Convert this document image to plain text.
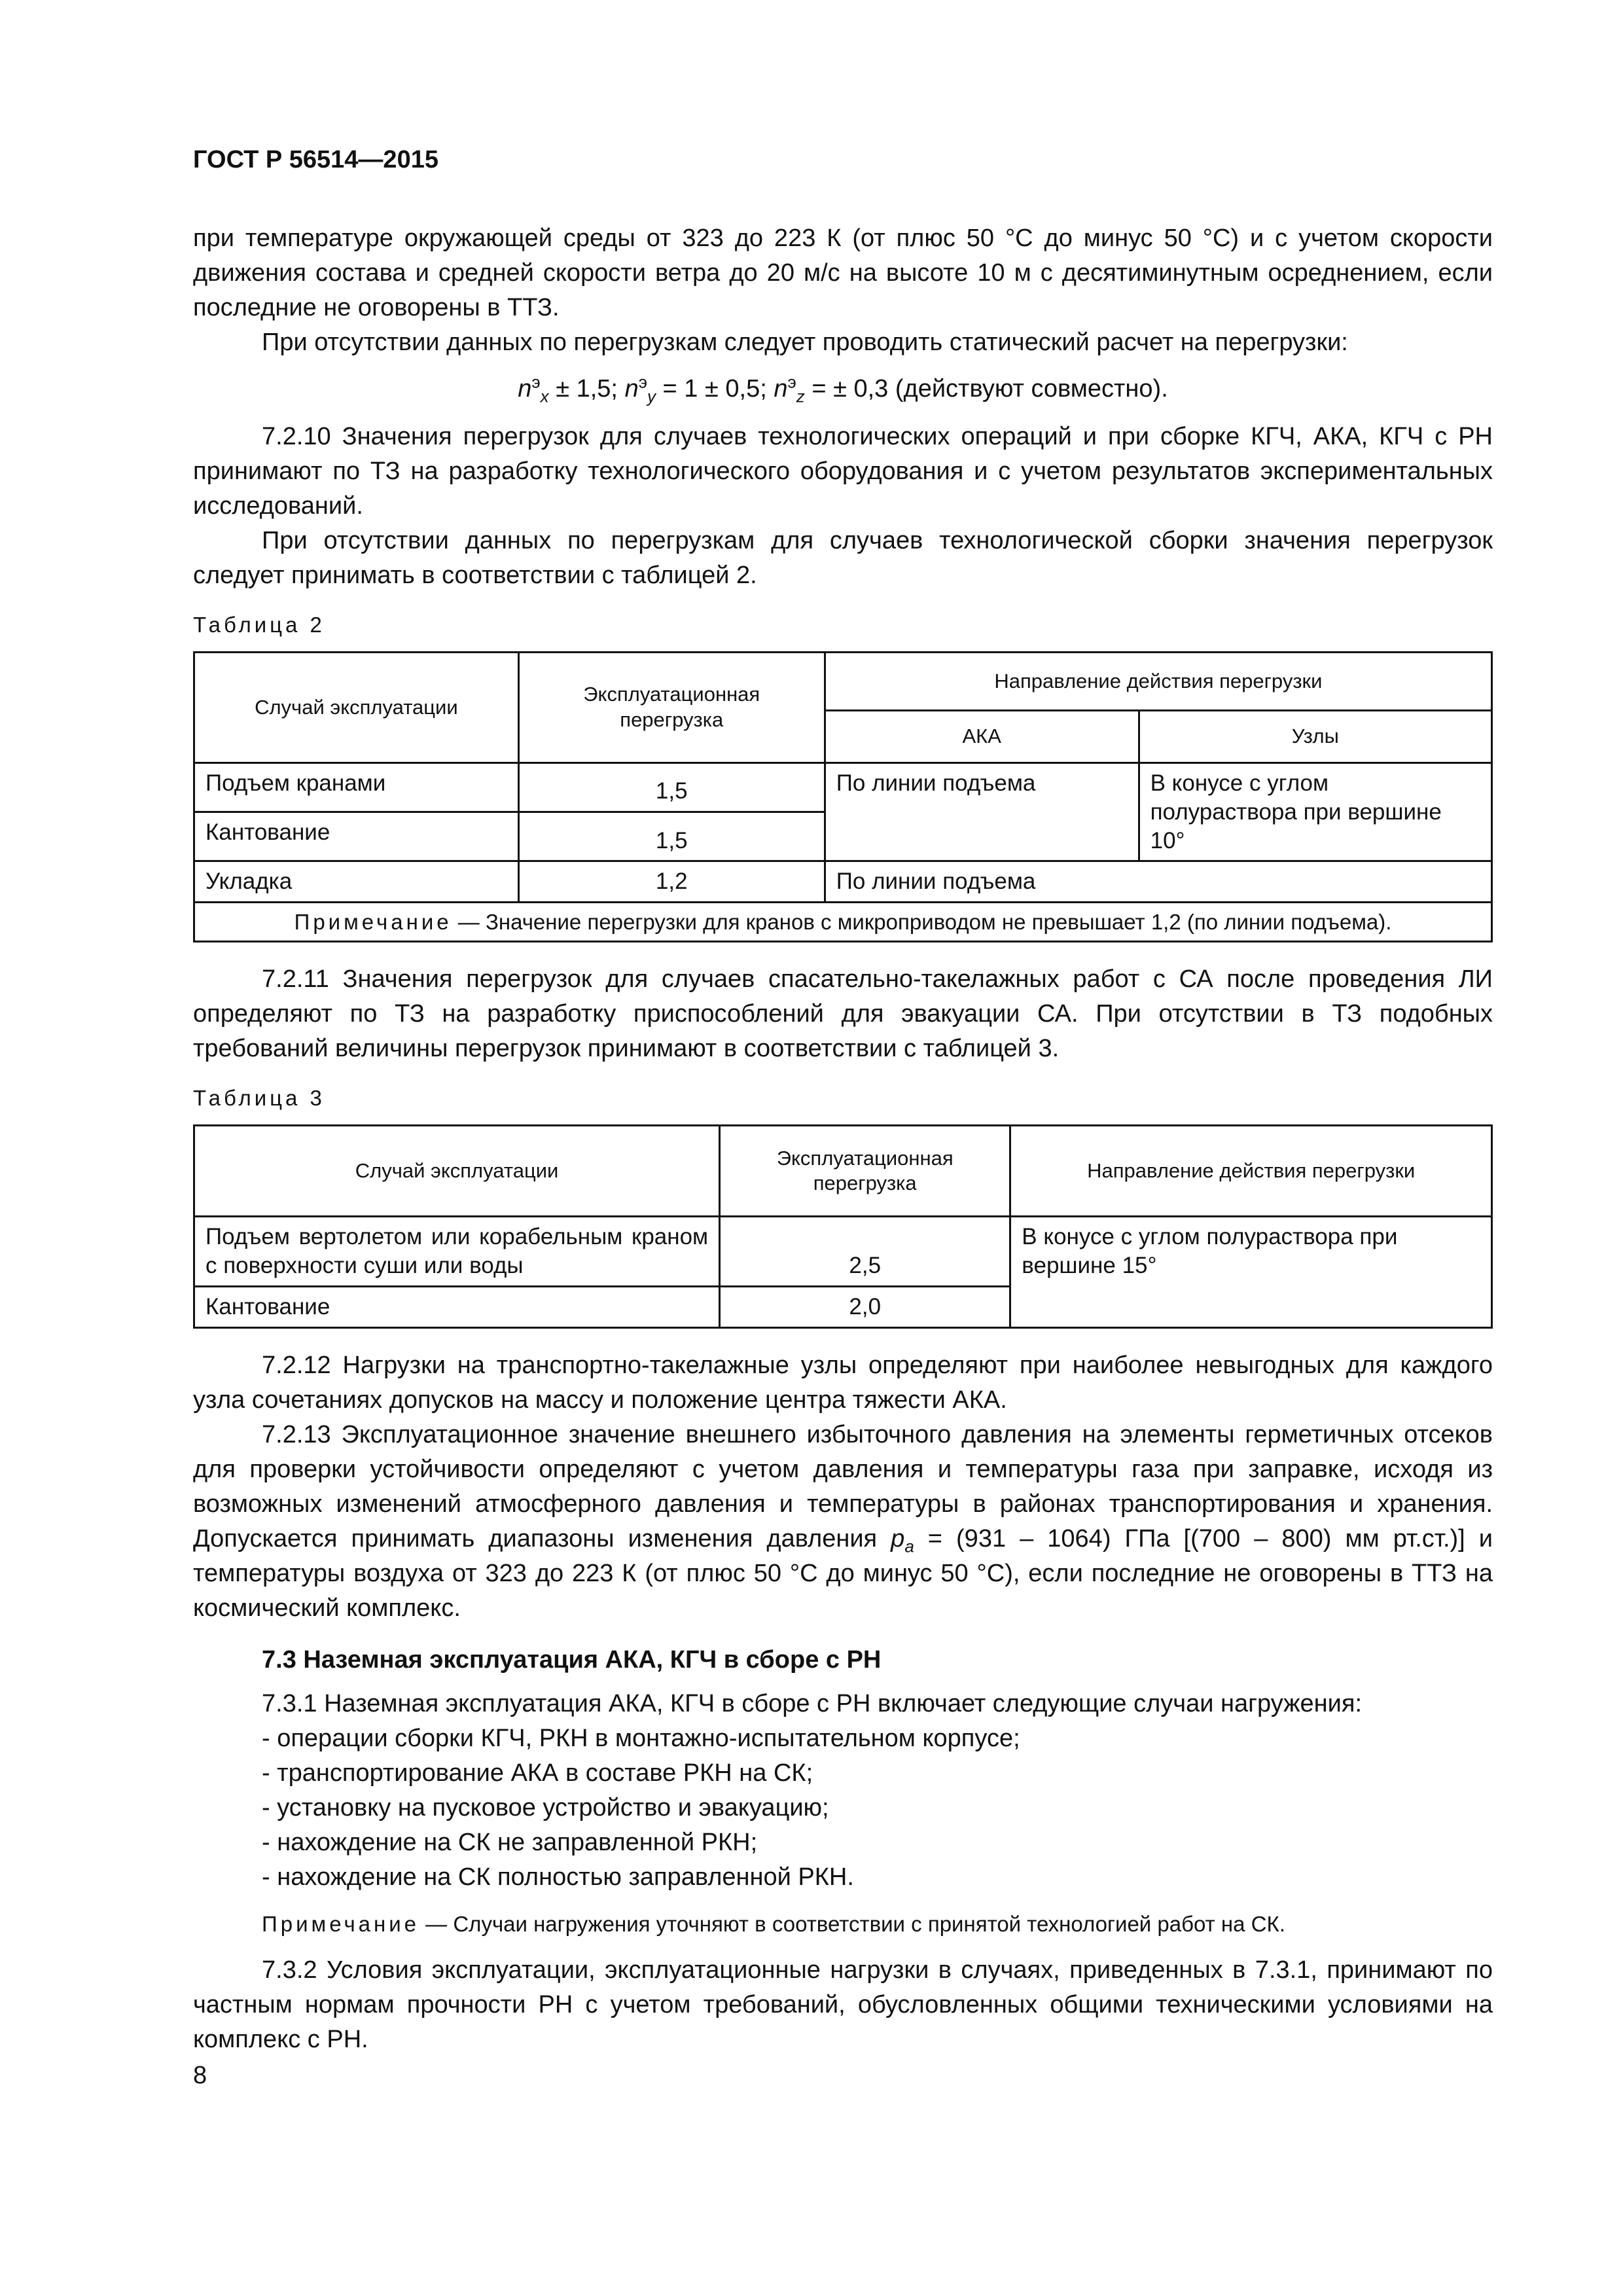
ГОСТ Р 56514—2015

при температуре окружающей среды от 323 до 223 К (от плюс 50 °С до минус 50 °С) и с учетом скорости движения состава и средней скорости ветра до 20 м/с на высоте 10 м с десятиминутным осреднением, если последние не оговорены в ТТЗ.

При отсутствии данных по перегрузкам следует проводить статический расчет на перегрузки:

$n^э_x \pm 1,5$; $n^э_y = 1 \pm 0,5$; $n^э_z$ = ± 0,3 (действуют совместно).

7.2.10 Значения перегрузок для случаев технологических операций и при сборке КГЧ, АКА, КГЧ с РН принимают по ТЗ на разработку технологического оборудования и с учетом результатов экспериментальных исследований.

При отсутствии данных по перегрузкам для случаев технологической сборки значения перегрузок следует принимать в соответствии с таблицей 2.

Таблица 2
Случай эксплуатации	Эксплуатационная перегрузка	Направление действия перегрузки	
		АКА	Узлы
Подъем кранами	1,5	По линии подъема	В конусе с углом полураствора при вершине 10°
Кантование	1,5		
Укладка	1,2	По линии подъема	
Примечание — Значение перегрузки для кранов с микроприводом не превышает 1,2 (по линии подъема).			

7.2.11 Значения перегрузок для случаев спасательно-такелажных работ с СА после проведения ЛИ определяют по ТЗ на разработку приспособлений для эвакуации СА. При отсутствии в ТЗ подобных требований величины перегрузок принимают в соответствии с таблицей 3.

Таблица 3
Случай эксплуатации	Эксплуатационная перегрузка	Направление действия перегрузки
Подъем вертолетом или корабельным краном с поверхности суши или воды	2,5	В конусе с углом полураствора при вершине 15°
Кантование	2,0	

7.2.12 Нагрузки на транспортно-такелажные узлы определяют при наиболее невыгодных для каждого узла сочетаниях допусков на массу и положение центра тяжести АКА.

7.2.13 Эксплуатационное значение внешнего избыточного давления на элементы герметичных отсеков для проверки устойчивости определяют с учетом давления и температуры газа при заправке, исходя из возможных изменений атмосферного давления и температуры в районах транспортирования и хранения. Допускается принимать диапазоны изменения давления $p_a = (931 - 1064)$ ГПа [(700 – 800) мм рт.ст.)] и температуры воздуха от 323 до 223 К (от плюс 50 °С до минус 50 °С), если последние не оговорены в ТТЗ на космический комплекс.

7.3 Наземная эксплуатация АКА, КГЧ в сборе с РН

7.3.1 Наземная эксплуатация АКА, КГЧ в сборе с РН включает следующие случаи нагружения:

- операции сборки КГЧ, РКН в монтажно-испытательном корпусе;

- транспортирование АКА в составе РКН на СК;

- установку на пусковое устройство и эвакуацию;

- нахождение на СК не заправленной РКН;

- нахождение на СК полностью заправленной РКН.

Примечание — Случаи нагружения уточняют в соответствии с принятой технологией работ на СК.

7.3.2 Условия эксплуатации, эксплуатационные нагрузки в случаях, приведенных в 7.3.1, принимают по частным нормам прочности РН с учетом требований, обусловленных общими техническими условиями на комплекс с РН.

8
